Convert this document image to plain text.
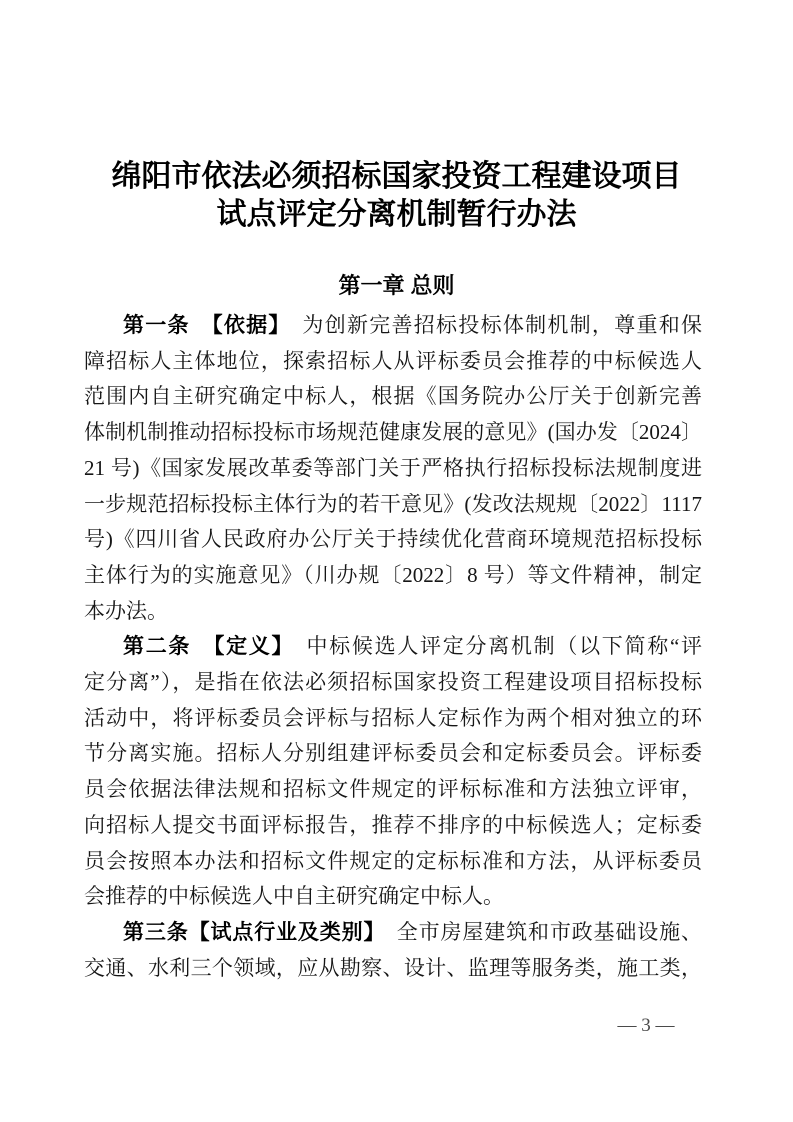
绵阳市依法必须招标国家投资工程建设项目
试点评定分离机制暂行办法
第一章 总则
第一条　【依据】　为创新完善招标投标体制机制，尊重和保
障招标人主体地位，探索招标人从评标委员会推荐的中标候选人
范围内自主研究确定中标人，根据《国务院办公厅关于创新完善
体制机制推动招标投标市场规范健康发展的意见》(国办发〔2024〕
21 号)《国家发展改革委等部门关于严格执行招标投标法规制度进
一步规范招标投标主体行为的若干意见》(发改法规规〔2022〕1117
号)《四川省人民政府办公厅关于持续优化营商环境规范招标投标
主体行为的实施意见》（川办规〔2022〕8 号）等文件精神，制定
本办法。
第二条　【定义】　中标候选人评定分离机制（以下简称“评
定分离”），是指在依法必须招标国家投资工程建设项目招标投标
活动中，将评标委员会评标与招标人定标作为两个相对独立的环
节分离实施。招标人分别组建评标委员会和定标委员会。评标委
员会依据法律法规和招标文件规定的评标标准和方法独立评审，
向招标人提交书面评标报告，推荐不排序的中标候选人；定标委
员会按照本办法和招标文件规定的定标标准和方法，从评标委员
会推荐的中标候选人中自主研究确定中标人。
第三条【试点行业及类别】　全市房屋建筑和市政基础设施、
交通、水利三个领域，应从勘察、设计、监理等服务类，施工类，
— 3 —
